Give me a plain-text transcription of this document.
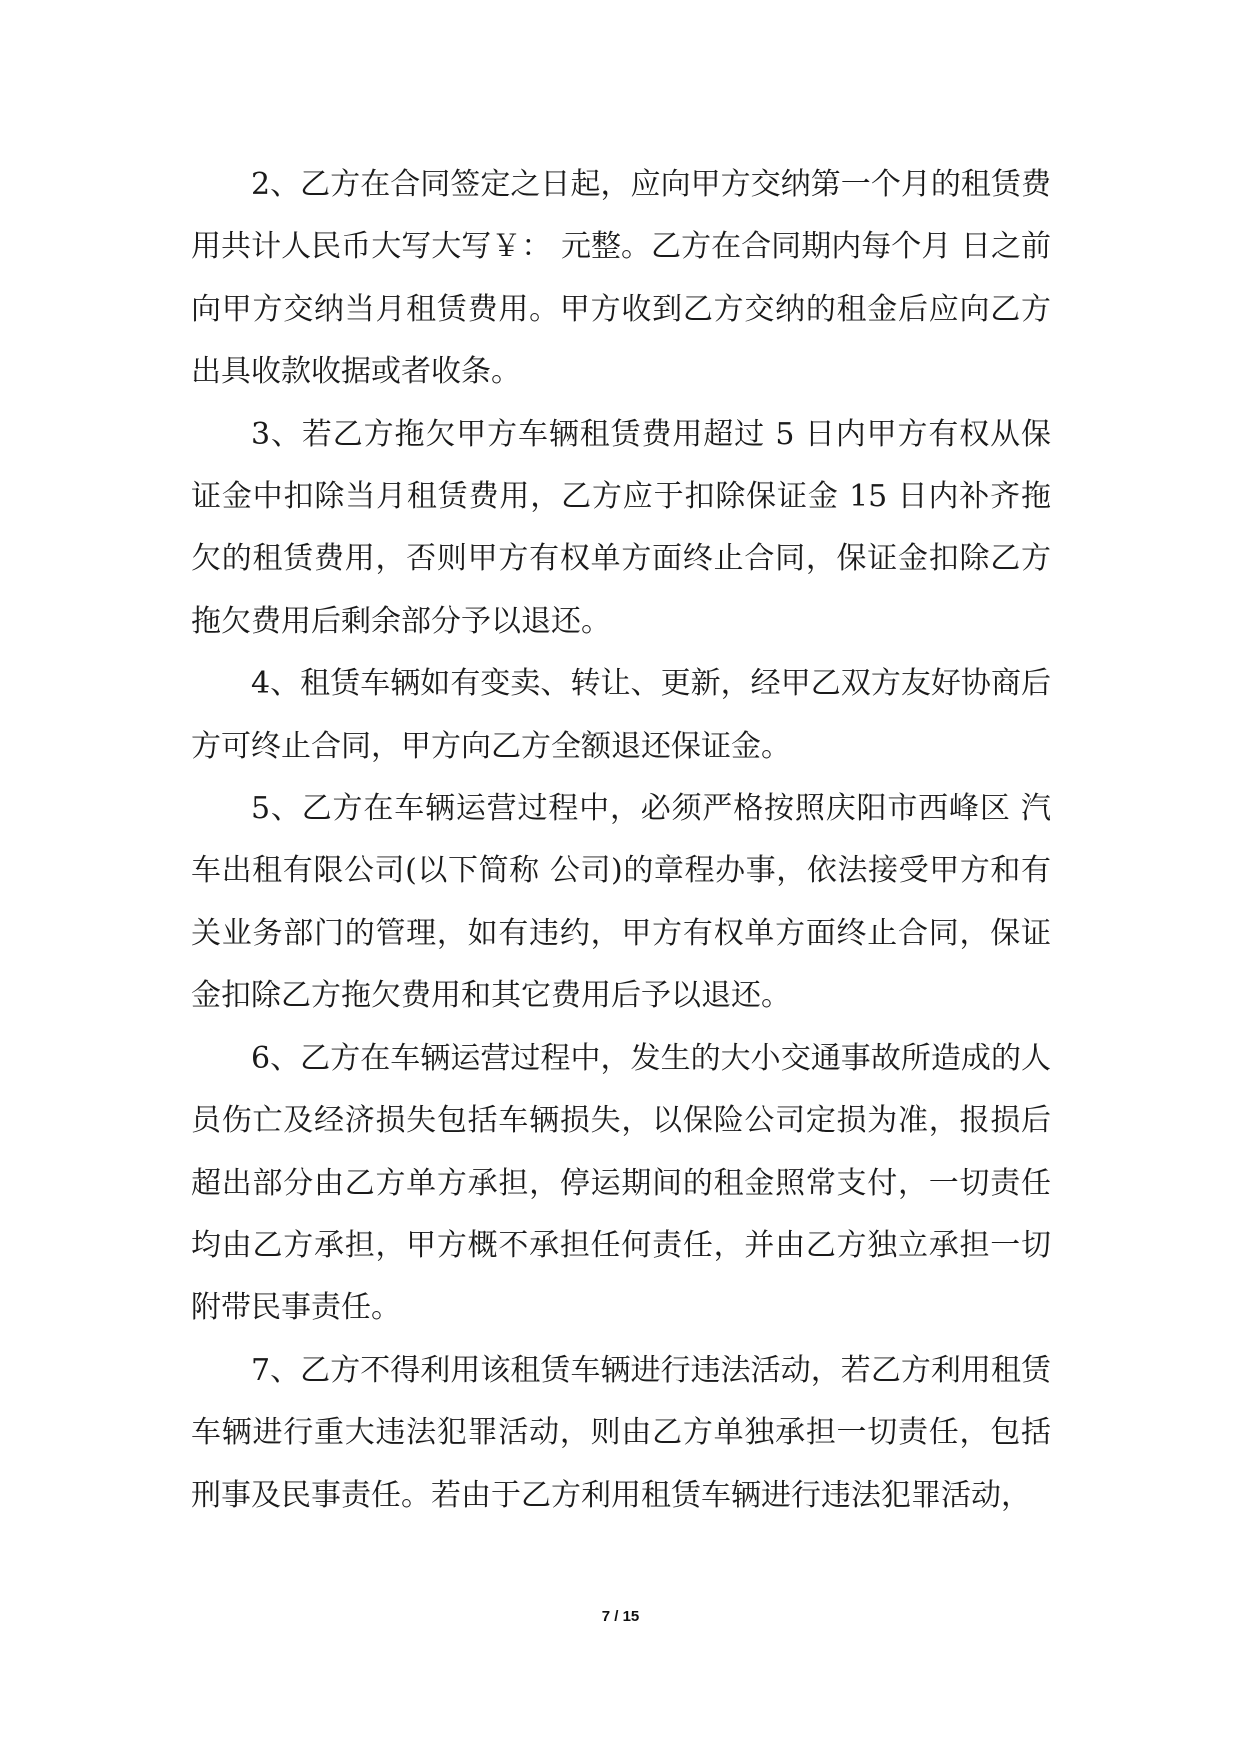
2、乙方在合同签定之日起，应向甲方交纳第一个月的租赁费用共计人民币大写大写￥： 元整。乙方在合同期内每个月 日之前向甲方交纳当月租赁费用。甲方收到乙方交纳的租金后应向乙方出具收款收据或者收条。

3、若乙方拖欠甲方车辆租赁费用超过 5 日内甲方有权从保证金中扣除当月租赁费用，乙方应于扣除保证金 15 日内补齐拖欠的租赁费用，否则甲方有权单方面终止合同，保证金扣除乙方拖欠费用后剩余部分予以退还。

4、租赁车辆如有变卖、转让、更新，经甲乙双方友好协商后方可终止合同，甲方向乙方全额退还保证金。

5、乙方在车辆运营过程中，必须严格按照庆阳市西峰区 汽车出租有限公司(以下简称 公司)的章程办事，依法接受甲方和有关业务部门的管理，如有违约，甲方有权单方面终止合同，保证金扣除乙方拖欠费用和其它费用后予以退还。

6、乙方在车辆运营过程中，发生的大小交通事故所造成的人员伤亡及经济损失包括车辆损失，以保险公司定损为准，报损后超出部分由乙方单方承担，停运期间的租金照常支付，一切责任均由乙方承担，甲方概不承担任何责任，并由乙方独立承担一切附带民事责任。

7、乙方不得利用该租赁车辆进行违法活动，若乙方利用租赁车辆进行重大违法犯罪活动，则由乙方单独承担一切责任，包括刑事及民事责任。若由于乙方利用租赁车辆进行违法犯罪活动，

7 / 15
